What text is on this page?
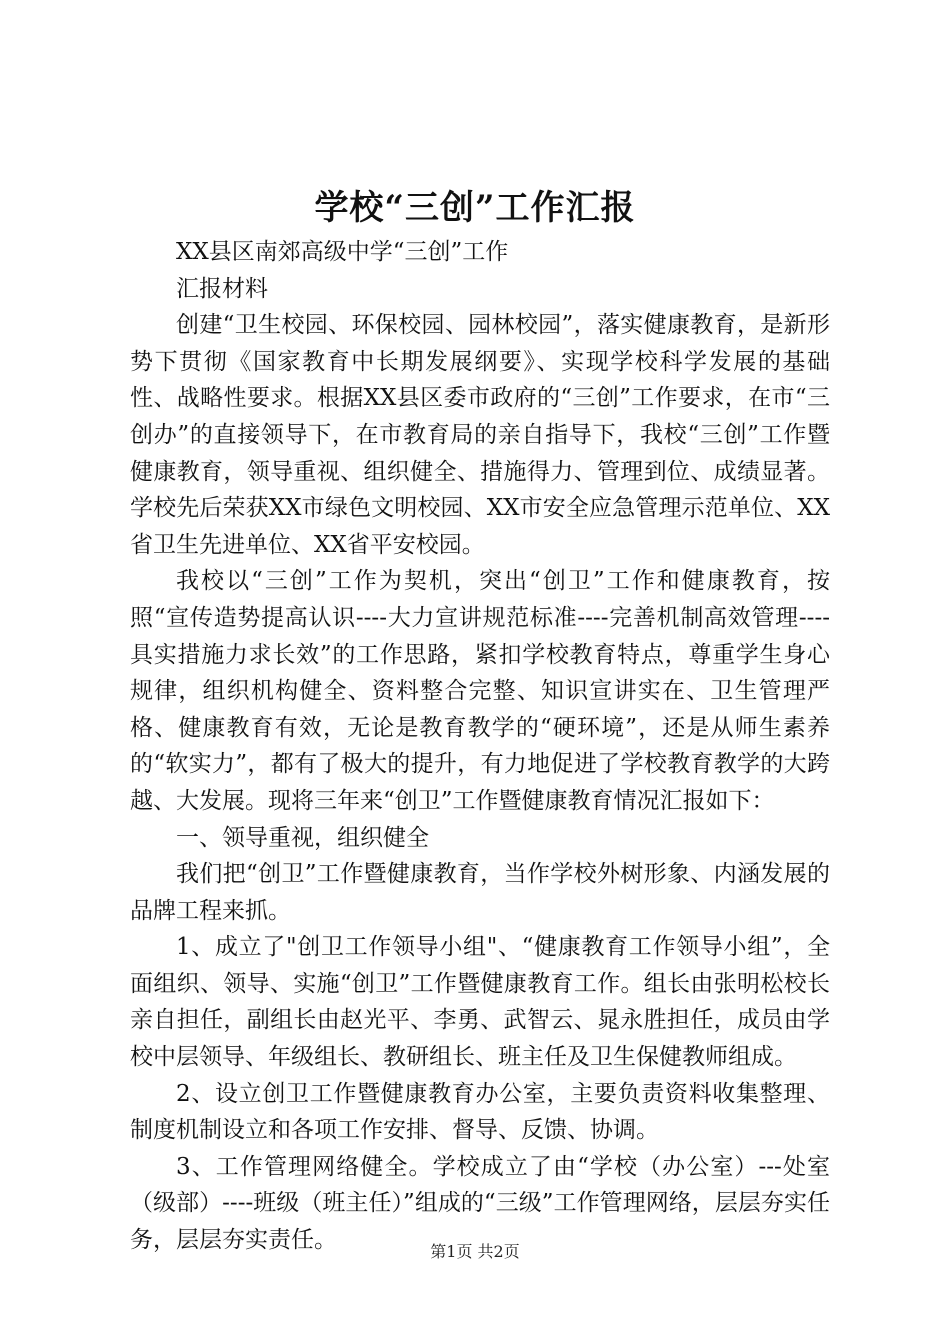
学校“三创”工作汇报

XX县区南郊高级中学“三创”工作

汇报材料

创建“卫生校园、环保校园、园林校园”，落实健康教育，是新形势下贯彻《国家教育中长期发展纲要》、实现学校科学发展的基础性、战略性要求。根据XX县区委市政府的“三创”工作要求，在市“三创办”的直接领导下，在市教育局的亲自指导下，我校“三创”工作暨健康教育，领导重视、组织健全、措施得力、管理到位、成绩显著。学校先后荣获XX市绿色文明校园、XX市安全应急管理示范单位、XX省卫生先进单位、XX省平安校园。

我校以“三创”工作为契机，突出“创卫”工作和健康教育，按照“宣传造势提高认识----大力宣讲规范标准----完善机制高效管理----具实措施力求长效”的工作思路，紧扣学校教育特点，尊重学生身心规律，组织机构健全、资料整合完整、知识宣讲实在、卫生管理严格、健康教育有效，无论是教育教学的“硬环境”，还是从师生素养的“软实力”，都有了极大的提升，有力地促进了学校教育教学的大跨越、大发展。现将三年来“创卫”工作暨健康教育情况汇报如下：

一、领导重视，组织健全

我们把“创卫”工作暨健康教育，当作学校外树形象、内涵发展的品牌工程来抓。

1、成立了"创卫工作领导小组"、“健康教育工作领导小组”，全面组织、领导、实施“创卫”工作暨健康教育工作。组长由张明松校长亲自担任，副组长由赵光平、李勇、武智云、晁永胜担任，成员由学校中层领导、年级组长、教研组长、班主任及卫生保健教师组成。

2、设立创卫工作暨健康教育办公室，主要负责资料收集整理、制度机制设立和各项工作安排、督导、反馈、协调。

3、工作管理网络健全。学校成立了由“学校（办公室）---处室（级部）----班级（班主任）”组成的“三级”工作管理网络，层层夯实任务，层层夯实责任。	第1页 共2页
